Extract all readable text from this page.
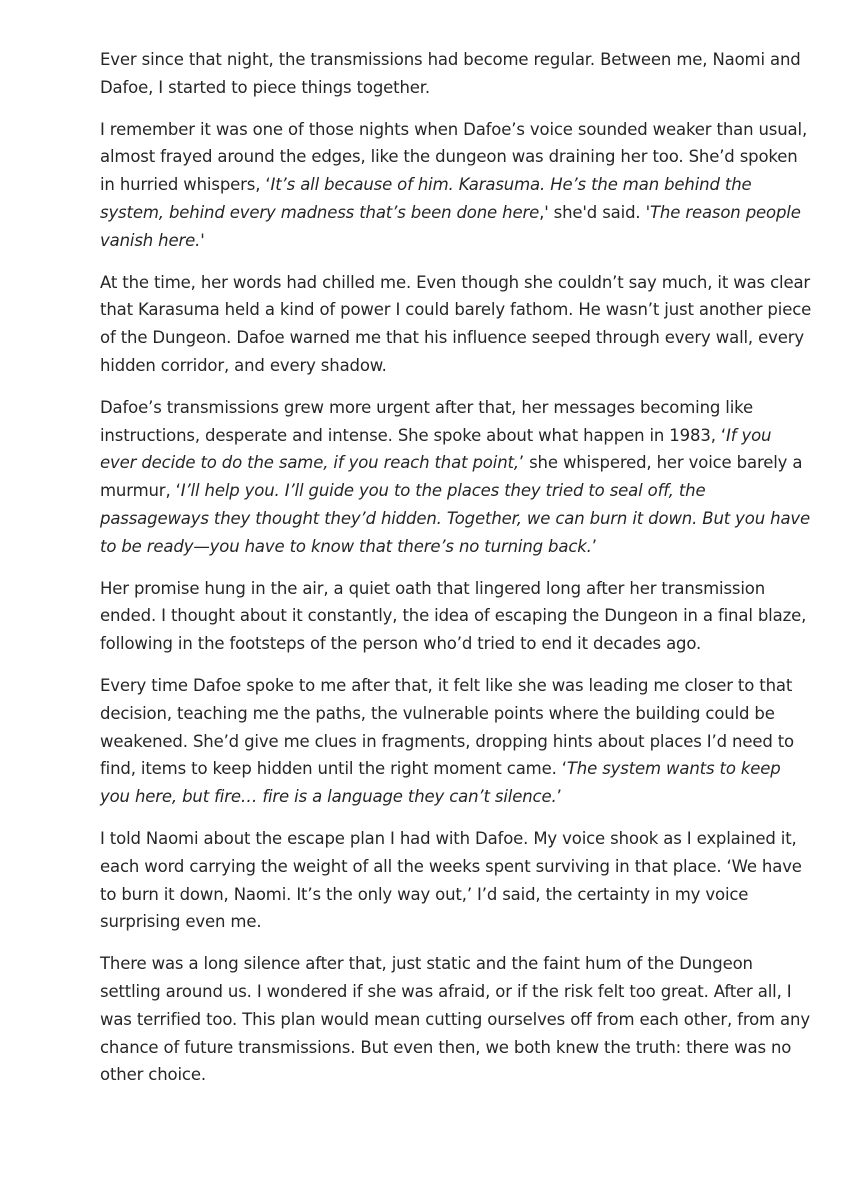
Ever since that night, the transmissions had become regular. Between me, Naomi and Dafoe, I started to piece things together.
I remember it was one of those nights when Dafoe’s voice sounded weaker than usual, almost frayed around the edges, like the dungeon was draining her too. She’d spoken in hurried whispers, ‘It’s all because of him. Karasuma. He’s the man behind the system, behind every madness that’s been done here,' she'd said. 'The reason people vanish here.'
At the time, her words had chilled me. Even though she couldn’t say much, it was clear that Karasuma held a kind of power I could barely fathom. He wasn’t just another piece of the Dungeon. Dafoe warned me that his influence seeped through every wall, every hidden corridor, and every shadow.
Dafoe’s transmissions grew more urgent after that, her messages becoming like instructions, desperate and intense. She spoke about what happen in 1983, ‘If you ever decide to do the same, if you reach that point,’ she whispered, her voice barely a murmur, ‘I’ll help you. I’ll guide you to the places they tried to seal off, the passageways they thought they’d hidden. Together, we can burn it down. But you have to be ready—you have to know that there’s no turning back.’
Her promise hung in the air, a quiet oath that lingered long after her transmission ended. I thought about it constantly, the idea of escaping the Dungeon in a final blaze, following in the footsteps of the person who’d tried to end it decades ago.
Every time Dafoe spoke to me after that, it felt like she was leading me closer to that decision, teaching me the paths, the vulnerable points where the building could be weakened. She’d give me clues in fragments, dropping hints about places I’d need to find, items to keep hidden until the right moment came. ‘The system wants to keep you here, but fire… fire is a language they can’t silence.’
I told Naomi about the escape plan I had with Dafoe. My voice shook as I explained it, each word carrying the weight of all the weeks spent surviving in that place. ‘We have to burn it down, Naomi. It’s the only way out,’ I’d said, the certainty in my voice surprising even me.
There was a long silence after that, just static and the faint hum of the Dungeon settling around us. I wondered if she was afraid, or if the risk felt too great. After all, I was terrified too. This plan would mean cutting ourselves off from each other, from any chance of future transmissions. But even then, we both knew the truth: there was no other choice.
